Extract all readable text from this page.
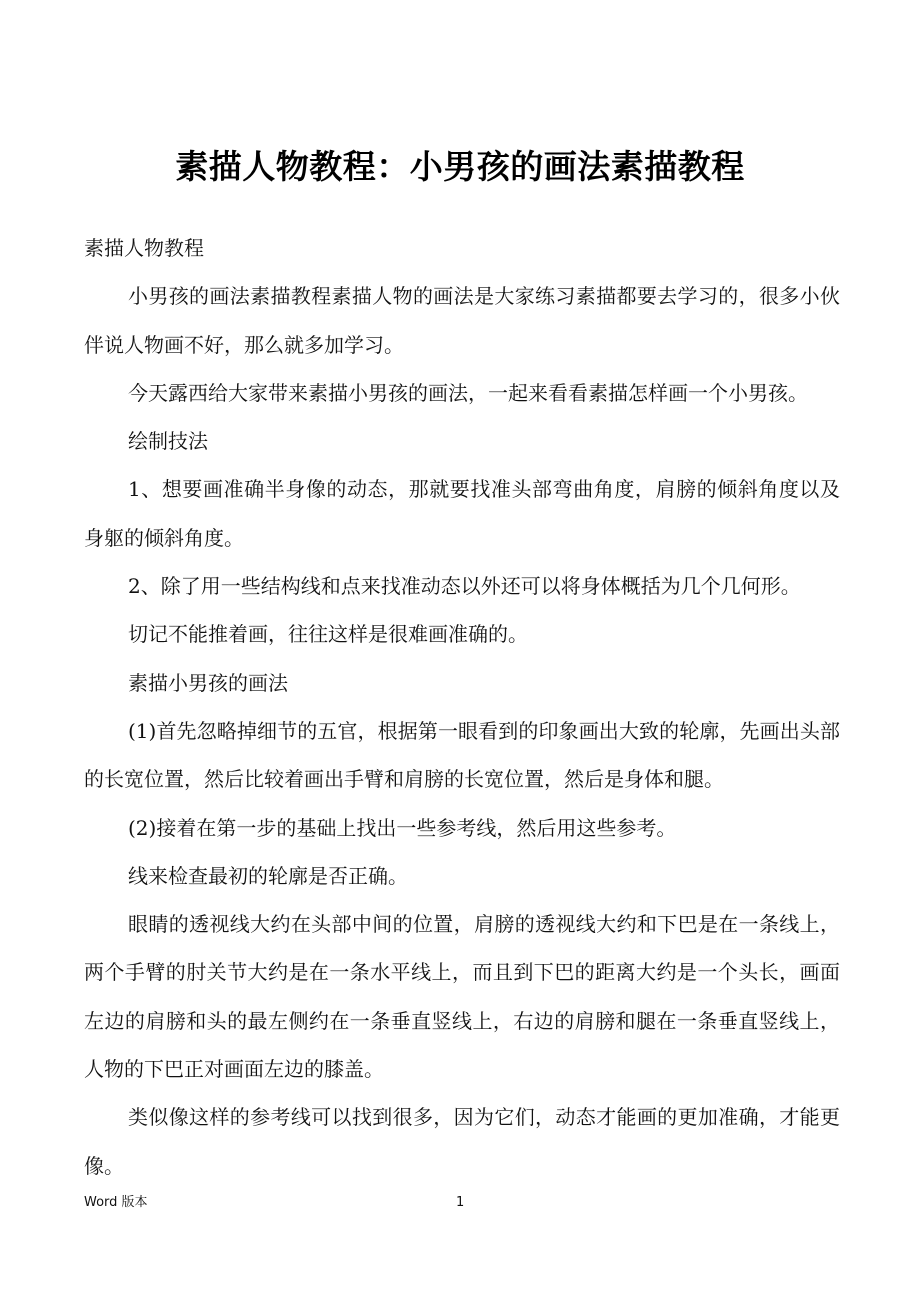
素描人物教程：小男孩的画法素描教程

素描人物教程

小男孩的画法素描教程素描人物的画法是大家练习素描都要去学习的，很多小伙伴说人物画不好，那么就多加学习。

今天露西给大家带来素描小男孩的画法，一起来看看素描怎样画一个小男孩。

绘制技法

1、想要画准确半身像的动态，那就要找准头部弯曲角度，肩膀的倾斜角度以及身躯的倾斜角度。

2、除了用一些结构线和点来找准动态以外还可以将身体概括为几个几何形。

切记不能推着画，往往这样是很难画准确的。

素描小男孩的画法

(1)首先忽略掉细节的五官，根据第一眼看到的印象画出大致的轮廓，先画出头部的长宽位置，然后比较着画出手臂和肩膀的长宽位置，然后是身体和腿。

(2)接着在第一步的基础上找出一些参考线，然后用这些参考。

线来检查最初的轮廓是否正确。

眼睛的透视线大约在头部中间的位置，肩膀的透视线大约和下巴是在一条线上，两个手臂的肘关节大约是在一条水平线上，而且到下巴的距离大约是一个头长，画面左边的肩膀和头的最左侧约在一条垂直竖线上，右边的肩膀和腿在一条垂直竖线上，人物的下巴正对画面左边的膝盖。

类似像这样的参考线可以找到很多，因为它们，动态才能画的更加准确，才能更像。

Word 版本	1
